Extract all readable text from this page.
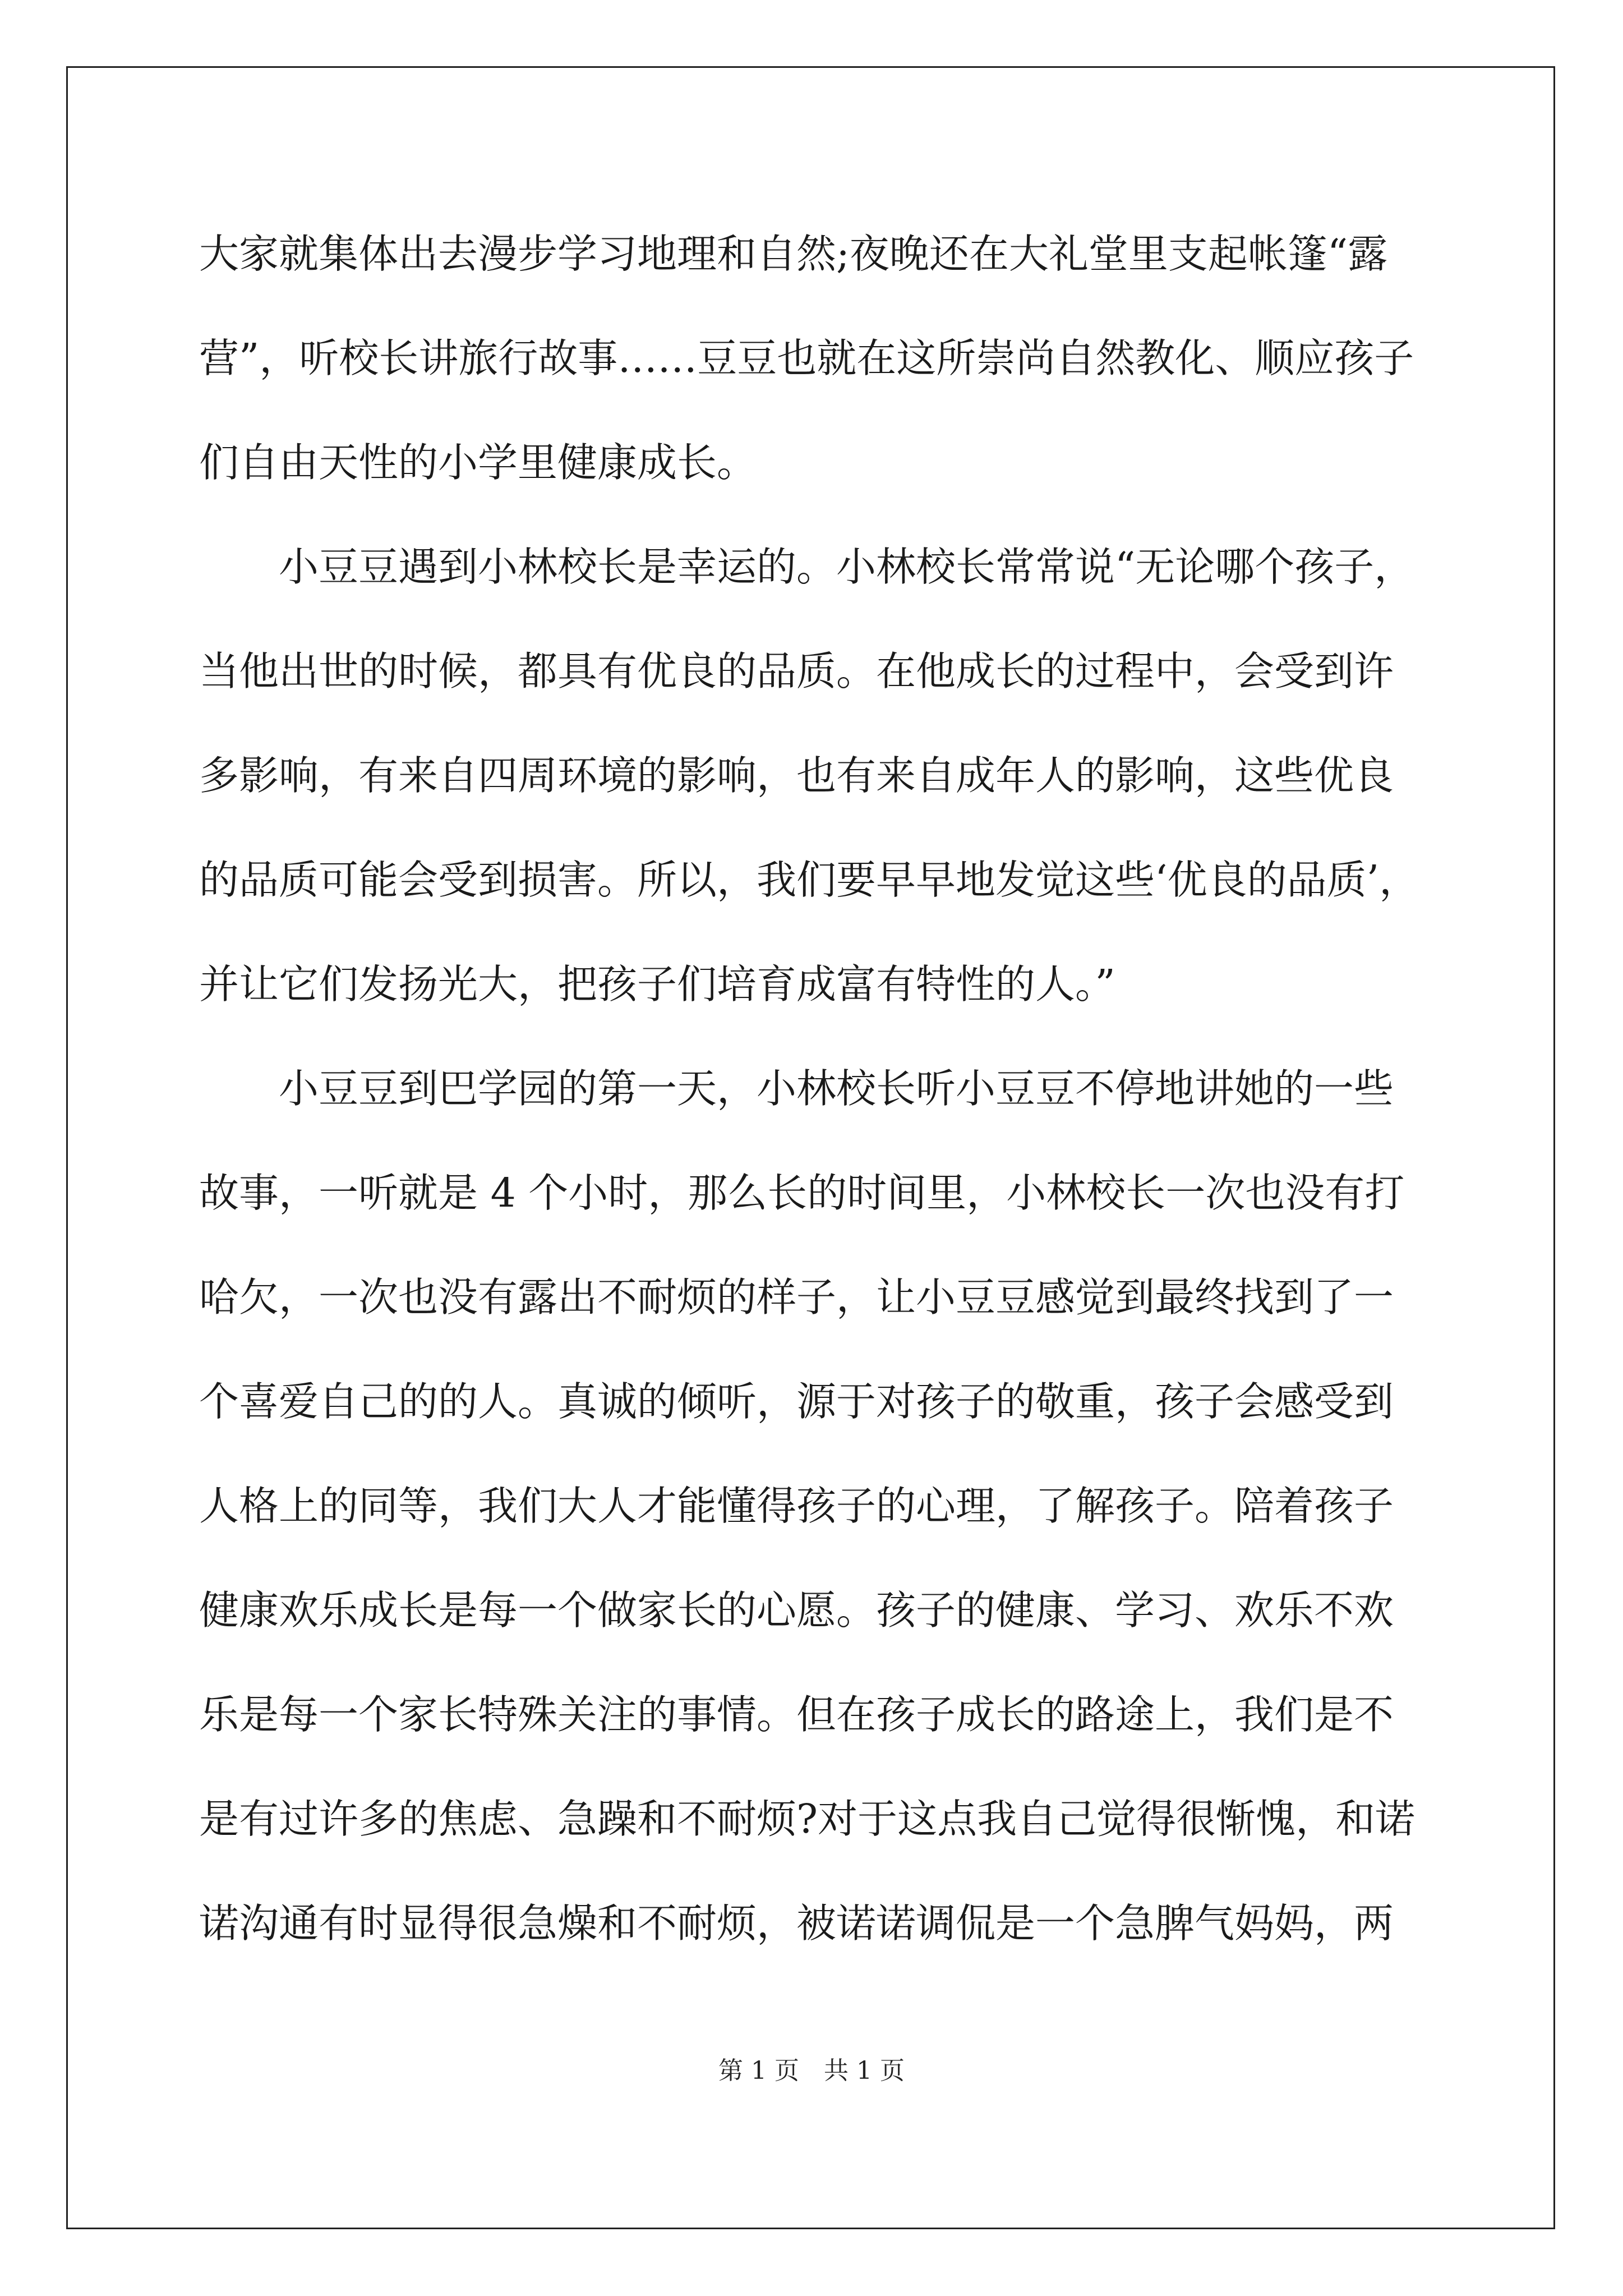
大家就集体出去漫步学习地理和自然;夜晚还在大礼堂里支起帐篷“露
营”，听校长讲旅行故事……豆豆也就在这所崇尚自然教化、顺应孩子
们自由天性的小学里健康成长。
小豆豆遇到小林校长是幸运的。小林校长常常说“无论哪个孩子，
当他出世的时候，都具有优良的品质。在他成长的过程中，会受到许
多影响，有来自四周环境的影响，也有来自成年人的影响，这些优良
的品质可能会受到损害。所以，我们要早早地发觉这些‘优良的品质’，
并让它们发扬光大，把孩子们培育成富有特性的人。”
小豆豆到巴学园的第一天，小林校长听小豆豆不停地讲她的一些
故事，一听就是 4 个小时，那么长的时间里，小林校长一次也没有打
哈欠，一次也没有露出不耐烦的样子，让小豆豆感觉到最终找到了一
个喜爱自己的的人。真诚的倾听，源于对孩子的敬重，孩子会感受到
人格上的同等，我们大人才能懂得孩子的心理，了解孩子。陪着孩子
健康欢乐成长是每一个做家长的心愿。孩子的健康、学习、欢乐不欢
乐是每一个家长特殊关注的事情。但在孩子成长的路途上，我们是不
是有过许多的焦虑、急躁和不耐烦?对于这点我自己觉得很惭愧，和诺
诺沟通有时显得很急燥和不耐烦，被诺诺调侃是一个急脾气妈妈，两
第 1 页　共 1 页
